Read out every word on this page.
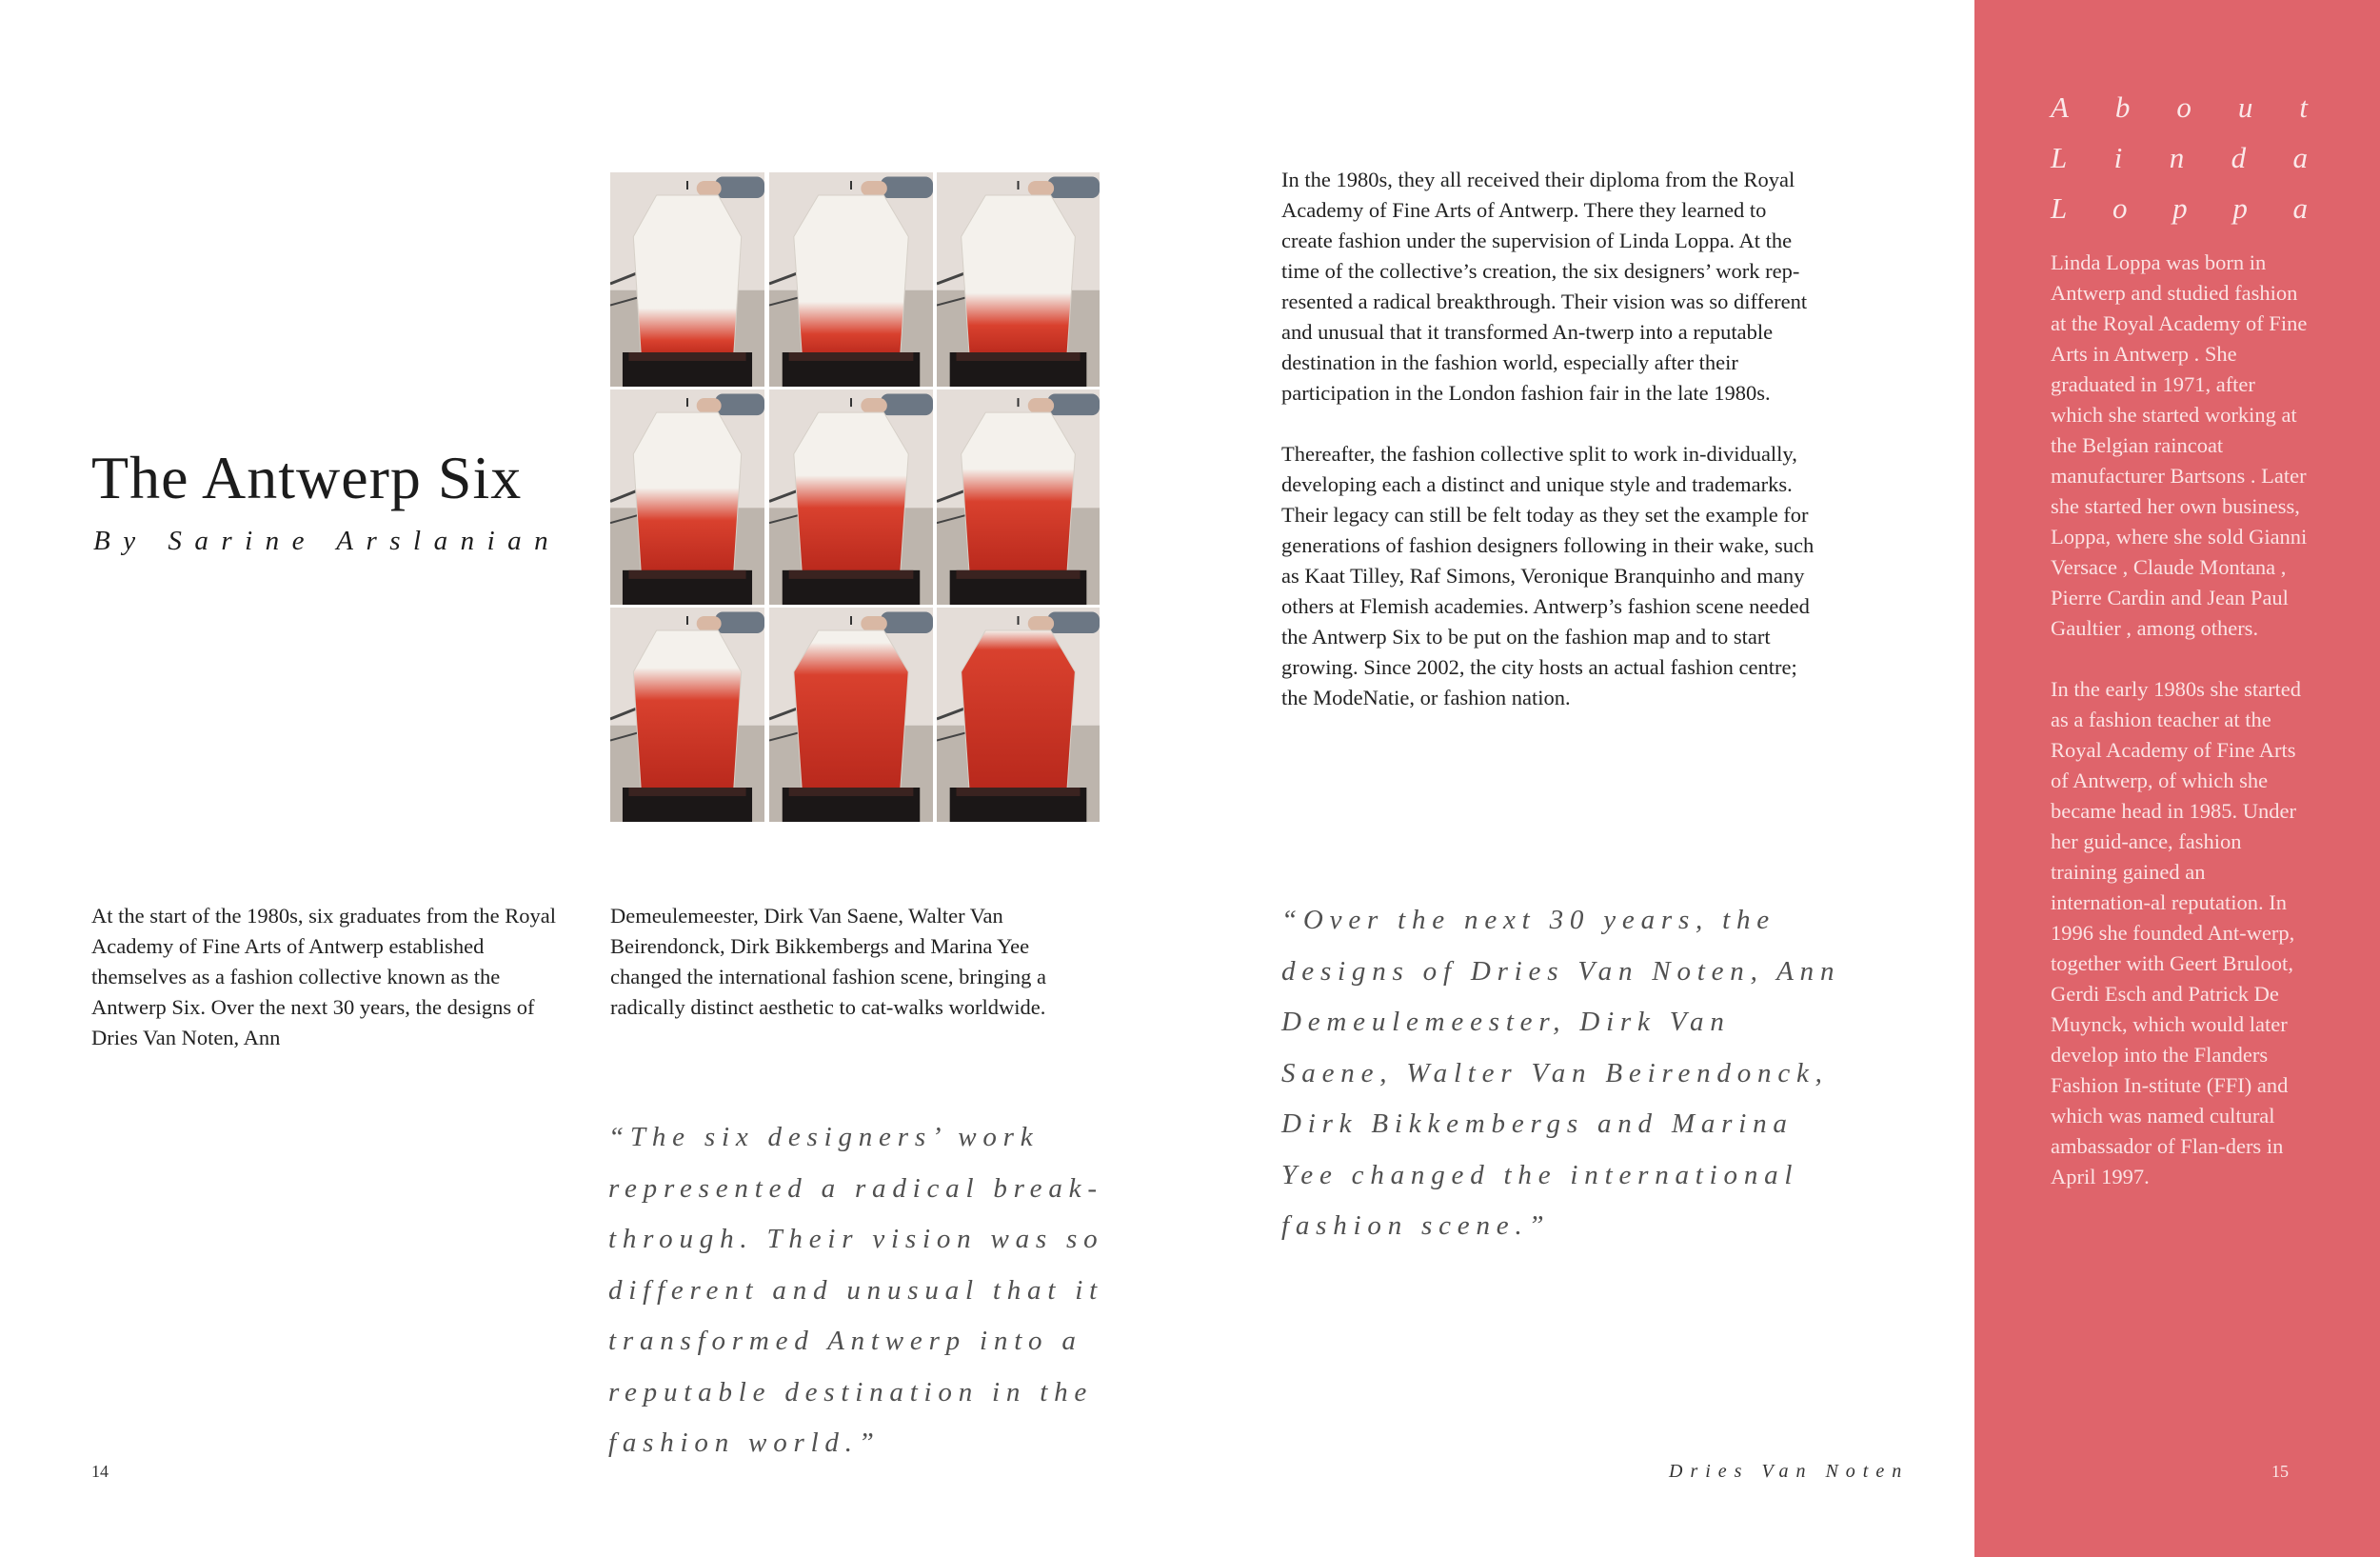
The Antwerp Six

By Sarine Arslanian

At the start of the 1980s, six graduates from the Royal Academy of Fine Arts of Antwerp established themselves as a fashion collective known as the Antwerp Six. Over the next 30 years, the designs of Dries Van Noten, Ann

Demeulemeester, Dirk Van Saene, Walter Van Beirendonck, Dirk Bikkembergs and Marina Yee changed the international fashion scene, bringing a radically distinct aesthetic to cat-walks worldwide.

“The six designers’ work represented a radical break-through. Their vision was so different and unusual that it transformed Antwerp into a reputable destination in the fashion world.”

14

In the 1980s, they all received their diploma from the Royal Academy of Fine Arts of Antwerp. There they learned to create fashion under the supervision of Linda Loppa. At the time of the collective’s creation, the six designers’ work rep-resented a radical breakthrough. Their vision was so different and unusual that it transformed An-twerp into a reputable destination in the fashion world, especially after their participation in the London fashion fair in the late 1980s.

Thereafter, the fashion collective split to work in-dividually, developing each a distinct and unique style and trademarks. Their legacy can still be felt today as they set the example for generations of fashion designers following in their wake, such as Kaat Tilley, Raf Simons, Veronique Branquinho and many others at Flemish academies. Antwerp’s fashion scene needed the Antwerp Six to be put on the fashion map and to start growing. Since 2002, the city hosts an actual fashion centre; the ModeNatie, or fashion nation.

“Over the next 30 years, the designs of Dries Van Noten, Ann Demeulemeester, Dirk Van Saene, Walter Van Beirendonck, Dirk Bikkembergs and Marina Yee changed the international fashion scene.”

Dries Van Noten

A b o u t
L i n d a
L o p p a

Linda Loppa was born in Antwerp and studied fashion at the Royal Academy of Fine Arts in Antwerp . She graduated in 1971, after which she started working at the Belgian raincoat manufacturer Bartsons . Later she started her own business, Loppa, where she sold Gianni Versace , Claude Montana , Pierre Cardin and Jean Paul Gaultier , among others.

In the early 1980s she started as a fashion teacher at the Royal Academy of Fine Arts of Antwerp, of which she became head in 1985. Under her guid-ance, fashion training gained an internation-al reputation. In 1996 she founded Ant-werp, together with Geert Bruloot, Gerdi Esch and Patrick De Muynck, which would later develop into the Flanders Fashion In-stitute (FFI) and which was named cultural ambassador of Flan-ders in April 1997.

15
